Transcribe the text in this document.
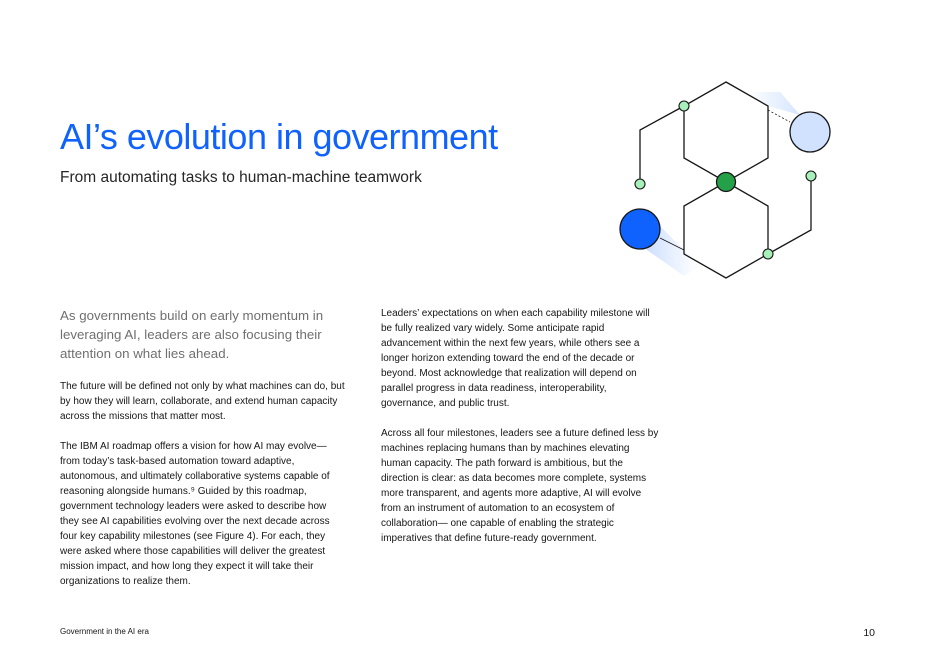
AI’s evolution in government

From automating tasks to human-machine teamwork

As governments build on early momentum in leveraging AI, leaders are also focusing their attention on what lies ahead.

The future will be defined not only by what machines can do, but by how they will learn, collaborate, and extend human capacity across the missions that matter most.

The IBM AI roadmap offers a vision for how AI may evolve—from today’s task-based automation toward adaptive, autonomous, and ultimately collaborative systems capable of reasoning alongside humans.⁹ Guided by this roadmap, government technology leaders were asked to describe how they see AI capabilities evolving over the next decade across four key capability milestones (see Figure 4). For each, they were asked where those capabilities will deliver the greatest mission impact, and how long they expect it will take their organizations to realize them.

Leaders’ expectations on when each capability milestone will be fully realized vary widely. Some anticipate rapid advancement within the next few years, while others see a longer horizon extending toward the end of the decade or beyond. Most acknowledge that realization will depend on parallel progress in data readiness, interoperability, governance, and public trust.

Across all four milestones, leaders see a future defined less by machines replacing humans than by machines elevating human capacity. The path forward is ambitious, but the direction is clear: as data becomes more complete, systems more transparent, and agents more adaptive, AI will evolve from an instrument of automation to an ecosystem of collaboration— one capable of enabling the strategic imperatives that define future-ready government.

Government in the AI era	10
